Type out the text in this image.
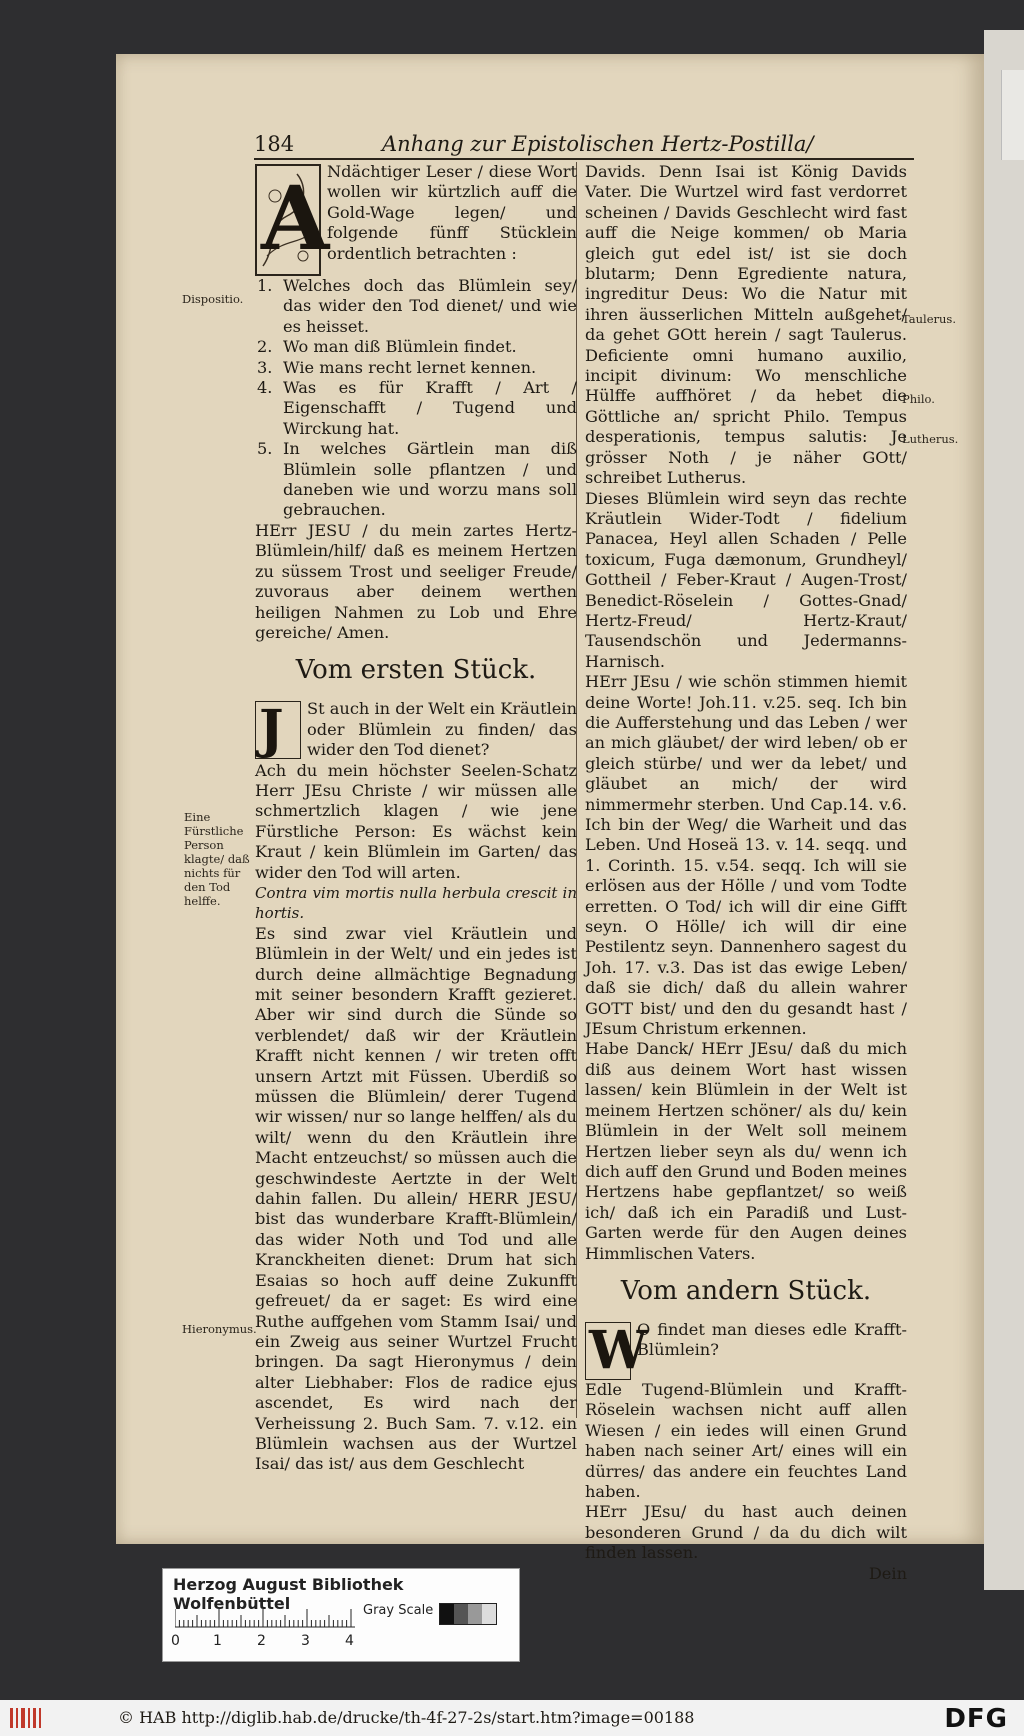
184	Anhang zur Epistolischen Hertz-Postilla/
A

Ndächtiger Leser / diese Wort wollen wir kürtzlich auff die Gold-Wage legen/ und folgende fünff Stücklein ordentlich betrachten :

1. Welches doch das Blümlein sey/ das wider den Tod dienet/ und wie es heisset.
2. Wo man diß Blümlein findet.
3. Wie mans recht lernet kennen.
4. Was es für Krafft / Art / Eigenschafft / Tugend und Wirckung hat.
5. In welches Gärtlein man diß Blümlein solle pflantzen / und daneben wie und worzu mans soll gebrauchen.

HErr JESU / du mein zartes Hertz-Blümlein/hilf/ daß es meinem Hertzen zu süssem Trost und seeliger Freude/ zuvoraus aber deinem werthen heiligen Nahmen zu Lob und Ehre gereiche/ Amen.

Vom ersten Stück.
J	St auch in der Welt ein Kräutlein oder Blümlein zu finden/ das wider den Tod dienet?

Ach du mein höchster Seelen-Schatz Herr JEsu Christe / wir müssen alle schmertzlich klagen / wie jene Fürstliche Person: Es wächst kein Kraut / kein Blümlein im Garten/ das wider den Tod will arten.

Contra vim mortis nulla herbula crescit in hortis.

Es sind zwar viel Kräutlein und Blümlein in der Welt/ und ein jedes ist durch deine allmächtige Begnadung mit seiner besondern Krafft gezieret. Aber wir sind durch die Sünde so verblendet/ daß wir der Kräutlein Krafft nicht kennen / wir treten offt unsern Artzt mit Füssen. Uberdiß so müssen die Blümlein/ derer Tugend wir wissen/ nur so lange helffen/ als du wilt/ wenn du den Kräutlein ihre Macht entzeuchst/ so müssen auch die geschwindeste Aertzte in der Welt dahin fallen. Du allein/ HERR JESU/ bist das wunderbare Krafft-Blümlein/ das wider Noth und Tod und alle Kranckheiten dienet: Drum hat sich Esaias so hoch auff deine Zukunfft gefreuet/ da er saget: Es wird eine Ruthe auffgehen vom Stamm Isai/ und ein Zweig aus seiner Wurtzel Frucht bringen. Da sagt Hieronymus / dein alter Liebhaber: Flos de radice ejus ascendet, Es wird nach der Verheissung 2. Buch Sam. 7. v.12. ein Blümlein wachsen aus der Wurtzel Isai/ das ist/ aus dem Geschlecht

Davids. Denn Isai ist König Davids Vater. Die Wurtzel wird fast verdorret scheinen / Davids Geschlecht wird fast auff die Neige kommen/ ob Maria gleich gut edel ist/ ist sie doch blutarm; Denn Egrediente natura, ingreditur Deus: Wo die Natur mit ihren äusserlichen Mitteln außgehet/ da gehet GOtt herein / sagt Taulerus. Deficiente omni humano auxilio, incipit divinum: Wo menschliche Hülffe auffhöret / da hebet die Göttliche an/ spricht Philo. Tempus desperationis, tempus salutis: Je grösser Noth / je näher GOtt/ schreibet Lutherus.

Dieses Blümlein wird seyn das rechte Kräutlein Wider-Todt / fidelium Panacea, Heyl allen Schaden / Pelle toxicum, Fuga dæmonum, Grundheyl/ Gottheil / Feber-Kraut / Augen-Trost/ Benedict-Röselein / Gottes-Gnad/ Hertz-Freud/ Hertz-Kraut/ Tausendschön und Jedermanns-Harnisch.

HErr JEsu / wie schön stimmen hiemit deine Worte! Joh.11. v.25. seq. Ich bin die Aufferstehung und das Leben / wer an mich gläubet/ der wird leben/ ob er gleich stürbe/ und wer da lebet/ und gläubet an mich/ der wird nimmermehr sterben. Und Cap.14. v.6. Ich bin der Weg/ die Warheit und das Leben. Und Hoseä 13. v. 14. seqq. und 1. Corinth. 15. v.54. seqq. Ich will sie erlösen aus der Hölle / und vom Todte erretten. O Tod/ ich will dir eine Gifft seyn. O Hölle/ ich will dir eine Pestilentz seyn. Dannenhero sagest du Joh. 17. v.3. Das ist das ewige Leben/ daß sie dich/ daß du allein wahrer GOTT bist/ und den du gesandt hast / JEsum Christum erkennen.

Habe Danck/ HErr JEsu/ daß du mich diß aus deinem Wort hast wissen lassen/ kein Blümlein in der Welt ist meinem Hertzen schöner/ als du/ kein Blümlein in der Welt soll meinem Hertzen lieber seyn als du/ wenn ich dich auff den Grund und Boden meines Hertzens habe gepflantzet/ so weiß ich/ daß ich ein Paradiß und Lust-Garten werde für den Augen deines Himmlischen Vaters.

Vom andern Stück.
W

O findet man dieses edle Krafft-Blümlein?

Edle Tugend-Blümlein und Krafft-Röselein wachsen nicht auff allen Wiesen / ein iedes will einen Grund haben nach seiner Art/ eines will ein dürres/ das andere ein feuchtes Land haben.

HErr JEsu/ du hast auch deinen besonderen Grund / da du dich wilt finden lassen.

Dein

Dispositio.
Taulerus.
Philo.
Lutherus.
Eine Fürstliche Person klagte/ daß nichts für den Tod helffe.
Hieronymus.
Herzog August Bibliothek Wolfenbüttel
0 1	2	3	4
Gray Scale
© HAB http://diglib.hab.de/drucke/th-4f-27-2s/start.htm?image=00188	DFG
